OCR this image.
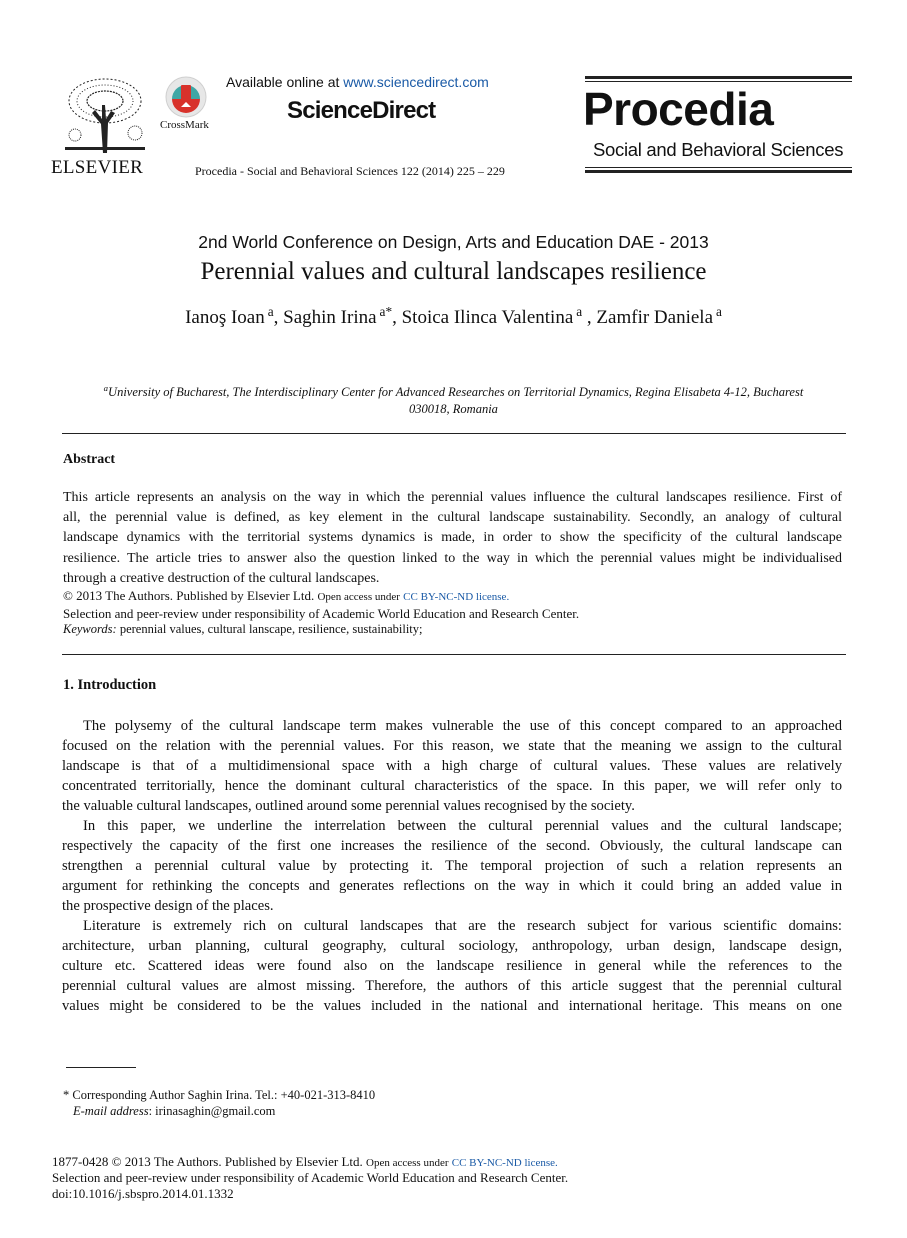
ELSEVIER
CrossMark
Available online at www.sciencedirect.com
ScienceDirect
Procedia - Social and Behavioral Sciences 122 (2014) 225 – 229
Procedia
Social and Behavioral Sciences
2nd World Conference on Design, Arts and Education DAE - 2013
Perennial values and cultural landscapes resilience
Ianoş Ioan $^a$, Saghin Irina $^{a*}$, Stoica Ilinca Valentina $^a$ , Zamfir Daniela $^a$
$^a$University of Bucharest, The Interdisciplinary Center for Advanced Researches on Territorial Dynamics, Regina Elisabeta 4-12, Bucharest
030018, Romania
Abstract
This article represents an analysis on the way in which the perennial values influence the cultural landscapes resilience. First of
all, the perennial value is defined, as key element in the cultural landscape sustainability. Secondly, an analogy of cultural
landscape dynamics with the territorial systems dynamics is made, in order to show the specificity of the cultural landscape
resilience. The article tries to answer also the question linked to the way in which the perennial values might be individualised
through a creative destruction of the cultural landscapes.
© 2013 The Authors. Published by Elsevier Ltd. Open access under CC BY-NC-ND license.
Selection and peer-review under responsibility of Academic World Education and Research Center.
Keywords: perennial values, cultural lanscape, resilience, sustainability;
1. Introduction
The polysemy of the cultural landscape term makes vulnerable the use of this concept compared to an approached
focused on the relation with the perennial values. For this reason, we state that the meaning we assign to the cultural
landscape is that of a multidimensional space with a high charge of cultural values. These values are relatively
concentrated territorially, hence the dominant cultural characteristics of the space. In this paper, we will refer only to
the valuable cultural landscapes, outlined around some perennial values recognised by the society.
In this paper, we underline the interrelation between the cultural perennial values and the cultural landscape;
respectively the capacity of the first one increases the resilience of the second. Obviously, the cultural landscape can
strengthen a perennial cultural value by protecting it. The temporal projection of such a relation represents an
argument for rethinking the concepts and generates reflections on the way in which it could bring an added value in
the prospective design of the places.
Literature is extremely rich on cultural landscapes that are the research subject for various scientific domains:
architecture, urban planning, cultural geography, cultural sociology, anthropology, urban design, landscape design,
culture etc. Scattered ideas were found also on the landscape resilience in general while the references to the
perennial cultural values are almost missing. Therefore, the authors of this article suggest that the perennial cultural
values might be considered to be the values included in the national and international heritage. This means on one
* Corresponding Author Saghin Irina. Tel.: +40-021-313-8410
E-mail address: irinasaghin@gmail.com
1877-0428 © 2013 The Authors. Published by Elsevier Ltd. Open access under CC BY-NC-ND license.
Selection and peer-review under responsibility of Academic World Education and Research Center.
doi:10.1016/j.sbspro.2014.01.1332
